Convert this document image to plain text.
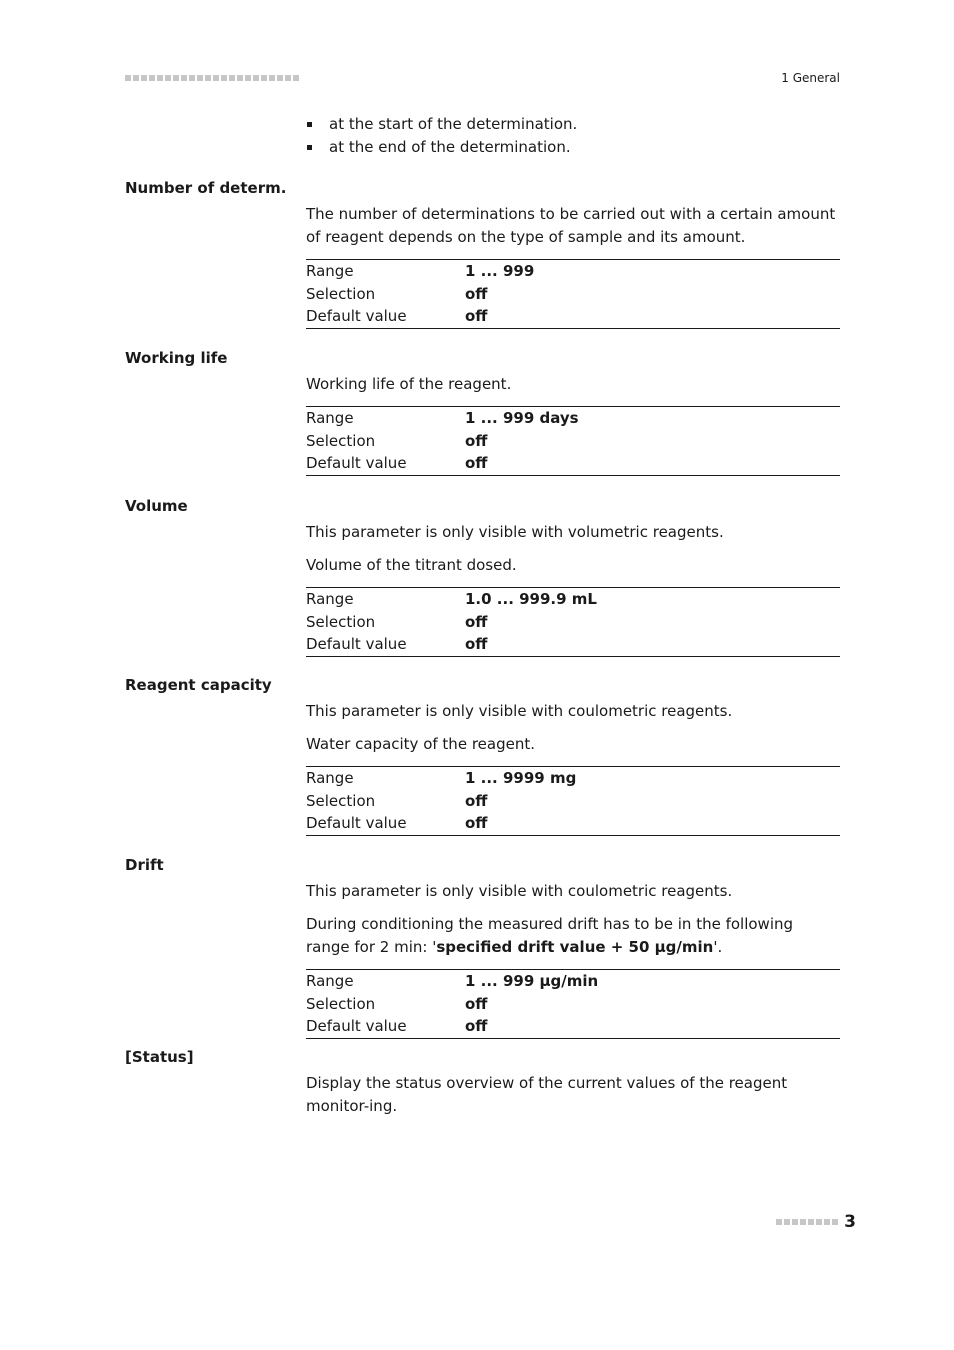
1 General
at the start of the determination.
at the end of the determination.
Number of determ.

The number of determinations to be carried out with a certain amount of reagent depends on the type of sample and its amount.

Range	1 ... 999
Selection	off
Default value	off
Working life

Working life of the reagent.

Range	1 ... 999 days
Selection	off
Default value	off
Volume

This parameter is only visible with volumetric reagents.

Volume of the titrant dosed.

Range	1.0 ... 999.9 mL
Selection	off
Default value	off
Reagent capacity

This parameter is only visible with coulometric reagents.

Water capacity of the reagent.

Range	1 ... 9999 mg
Selection	off
Default value	off
Drift

This parameter is only visible with coulometric reagents.

During conditioning the measured drift has to be in the following range for 2 min: 'specified drift value + 50 µg/min'.

Range	1 ... 999 µg/min
Selection	off
Default value	off
[Status]

Display the status overview of the current values of the reagent monitor-ing.

3
